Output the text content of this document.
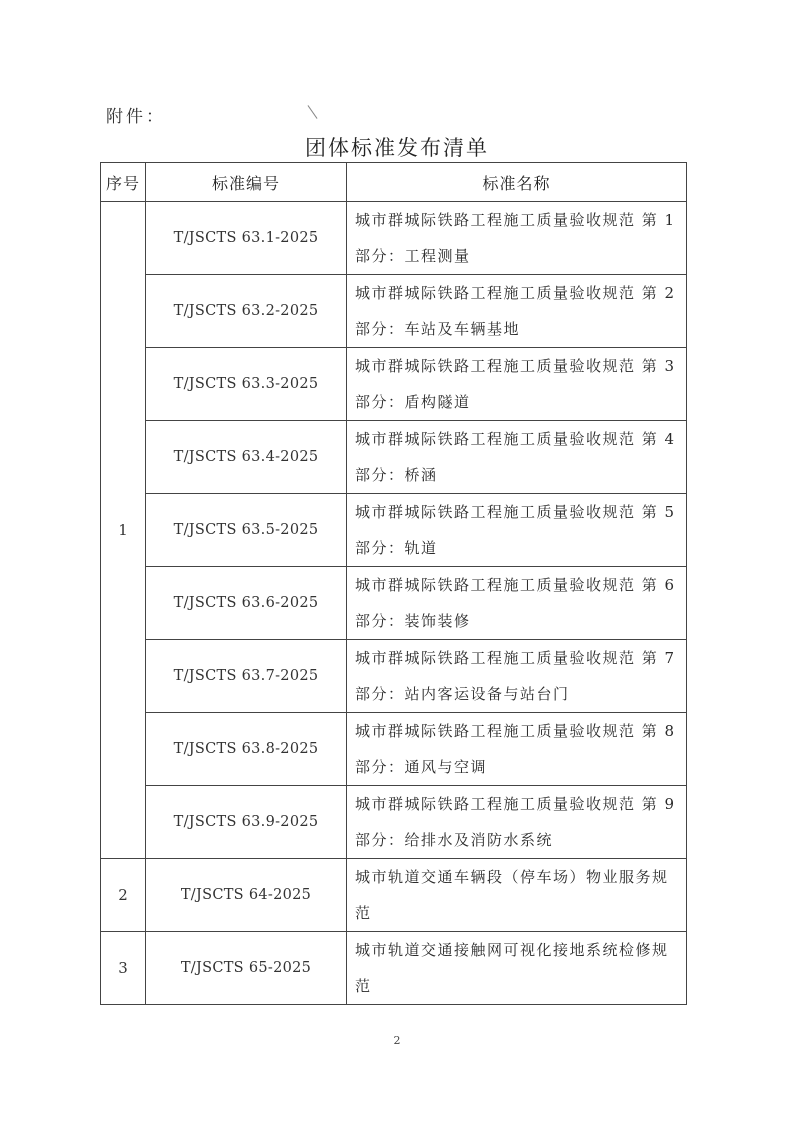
附件：
团体标准发布清单
序号	标准编号	标准名称
1	T/JSCTS 63.1-2025	城市群城际铁路工程施工质量验收规范 第 1 部分：工程测量
	T/JSCTS 63.2-2025	城市群城际铁路工程施工质量验收规范 第 2 部分：车站及车辆基地
	T/JSCTS 63.3-2025	城市群城际铁路工程施工质量验收规范 第 3 部分：盾构隧道
	T/JSCTS 63.4-2025	城市群城际铁路工程施工质量验收规范 第 4 部分：桥涵
	T/JSCTS 63.5-2025	城市群城际铁路工程施工质量验收规范 第 5 部分：轨道
	T/JSCTS 63.6-2025	城市群城际铁路工程施工质量验收规范 第 6 部分：装饰装修
	T/JSCTS 63.7-2025	城市群城际铁路工程施工质量验收规范 第 7 部分：站内客运设备与站台门
	T/JSCTS 63.8-2025	城市群城际铁路工程施工质量验收规范 第 8 部分：通风与空调
	T/JSCTS 63.9-2025	城市群城际铁路工程施工质量验收规范 第 9 部分：给排水及消防水系统
2	T/JSCTS 64-2025	城市轨道交通车辆段（停车场）物业服务规范
3	T/JSCTS 65-2025	城市轨道交通接触网可视化接地系统检修规范
2
